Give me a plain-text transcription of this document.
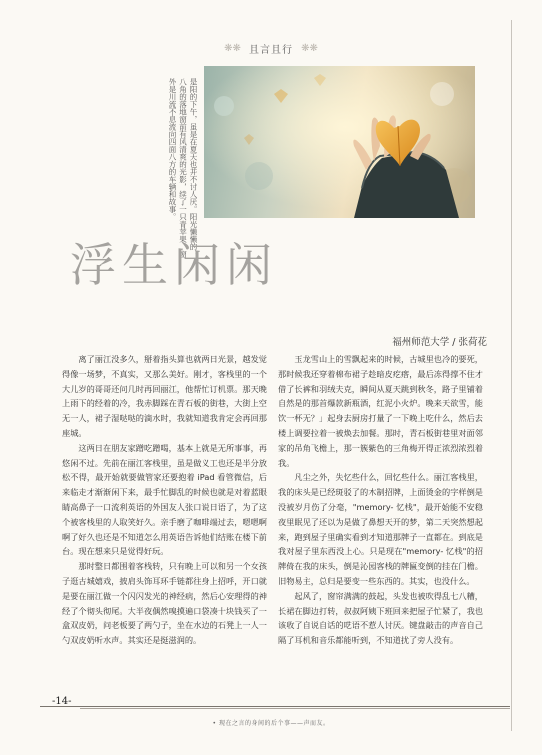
❋❋ 且言且行 ❋❋
是阳的下午，虽是在夏天也并不讨人厌。阳光懒懒的，八角的落地窗前有风清爽的光影，续了一只青苹果，窗外是川流不息流向四面八方的车辆和故事。
浮生闲闲
福州师范大学 / 张荷花

离了丽江没多久，掰着指头算也就两日光景，越发觉得像一场梦，不真实，又那么美好。刚才，客栈里的一个大儿岁的哥哥还问几时再回丽江，他帮忙订机票。那天晚上雨下的经着的冷，我赤脚踩在青石板的街巷，大街上空无一人，裙子湿哒哒的滴水时，我就知道我肯定会再回那座城。

这两日在朋友家蹭吃蹭喝，基本上就是无所事事，再悠闲不过。先前在丽江客栈里，虽是做义工也还是半分放松不得，最开始就要做管家还要抱着 iPad 看管微信，后来临走才渐渐闲下来，最手忙脚乱的时候也就是对着蓝眼睛高鼻子一口流利英语的外国友人张口说日语了，为了这个被客栈里的人取笑好久。亲手磨了咖啡端过去，嗯嗯啊啊了好久也还是不知道怎么用英语告诉他们结账在楼下前台。现在想来只是觉得好玩。

那时整日都围着客栈转，只有晚上可以和另一个女孩子逛古城嬉戏，披肩头饰耳环手链都往身上招呼，开口就是要在丽江做一个闪闪发光的神经病，然后心安理得的神经了个彻头彻尾。大半夜偶然嗅摸遍口袋凑十块钱买了一盒双皮奶，问老板要了两勺子，坐在水边的石凳上一人一勺双皮奶听水声。其实还是挺滋润的。

玉龙雪山上的雪飘起来的时候，古城里也冷的要死，那时候我还穿着棉布裙子趁暗皮疙瘩，最后冻得撑不住才借了长裤和羽绒夫克，瞬间从夏天跳到秋冬，路子里铺着自然是的那首爆款新瓶酒，红泥小火炉。晚来天欲雪，能饮一杯无？」起身去厨房打量了一下晚上吃什么，然后去楼上调要拉着一被焕去加餐。那时，青石板街巷里对面邻家的吊角飞檐上，那一簇紫色的三角梅开得正浓烈浓烈着我。

凡尘之外，失忆些什么，回忆些什么。丽江客栈里，我的床头是已经斑驳了的木制招牌，上面烫金的字样倒是没被岁月伤了分毫，"memory- 忆栈"，最开始能不安稳夜里眠见了还以为是做了鼻想天开的梦，第二天突然想起来，跑到屋子里确实看到才知道那牌子一直都在。到底是我对屋子里东西没上心。只是现在"memory- 忆栈"的招牌倚在我的床头，倒是沁园客栈的牌匾变倒的挂在门檐。旧物易主，总归是要变一些东西的。其实，也没什么。

起风了，窗帘满满的鼓起，头发也被吹得乱七八糟，长裙在脚边打转，叔叔阿姨下班回来把屋子忙紧了，我也该收了自说自话的呓语不惹人讨厌。键盘敲击的声音自己隔了耳机和音乐都能听到，不知道扰了旁人没有。

-14-
• 现在之言的身间的后个事——声而友。
